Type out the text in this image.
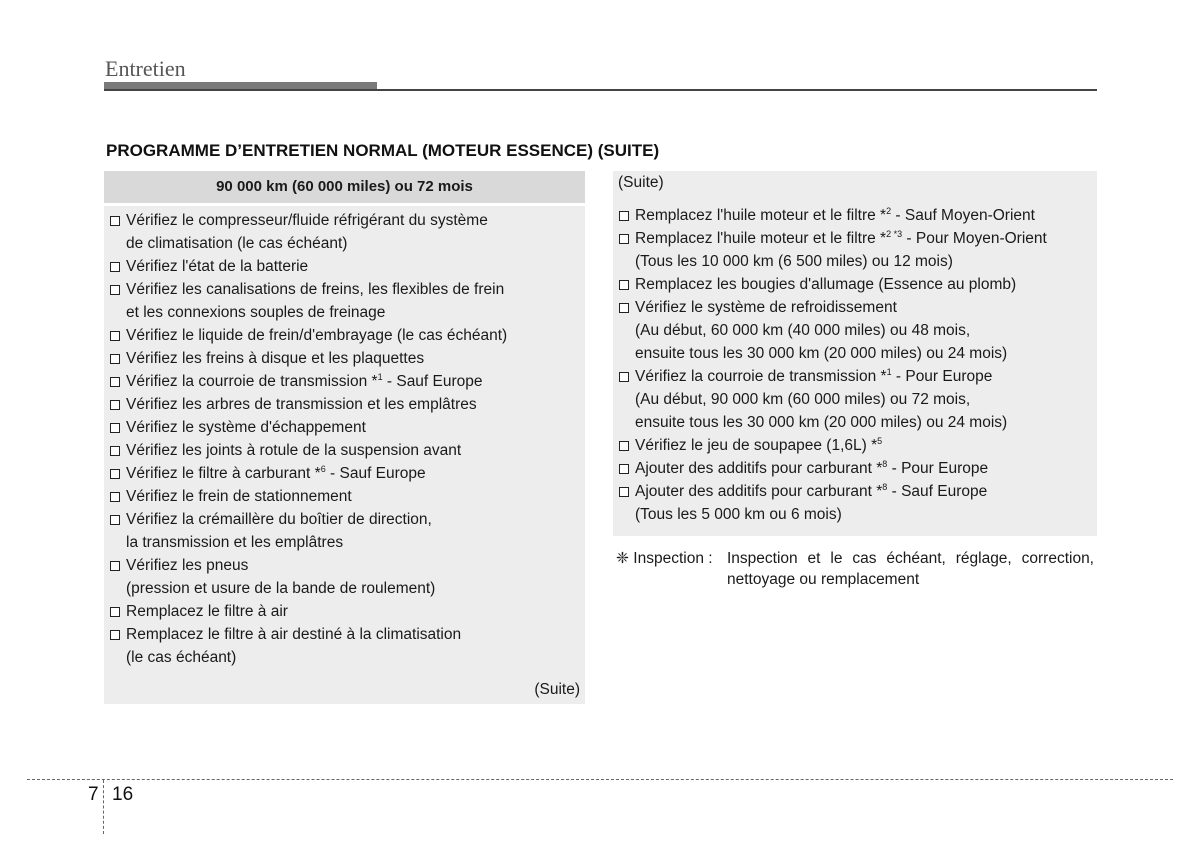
Entretien
PROGRAMME D’ENTRETIEN NORMAL (MOTEUR ESSENCE) (SUITE)
90 000 km (60 000 miles) ou 72 mois
Vérifiez le compresseur/fluide réfrigérant du système
de climatisation (le cas échéant)
Vérifiez l'état de la batterie
Vérifiez les canalisations de freins, les flexibles de frein
et les connexions souples de freinage
Vérifiez le liquide de frein/d'embrayage (le cas échéant)
Vérifiez les freins à disque et les plaquettes
Vérifiez la courroie de transmission *$^1$ - Sauf Europe
Vérifiez les arbres de transmission et les emplâtres
Vérifiez le système d'échappement
Vérifiez les joints à rotule de la suspension avant
Vérifiez le filtre à carburant *$^6$ - Sauf Europe
Vérifiez le frein de stationnement
Vérifiez la crémaillère du boîtier de direction,
la transmission et les emplâtres
Vérifiez les pneus
(pression et usure de la bande de roulement)
Remplacez le filtre à air
Remplacez le filtre à air destiné à la climatisation
(le cas échéant)
(Suite)
(Suite)
Remplacez l'huile moteur et le filtre *$^2$ - Sauf Moyen-Orient
Remplacez l'huile moteur et le filtre *$^{2 *3}$ - Pour Moyen-Orient
(Tous les 10 000 km (6 500 miles) ou 12 mois)
Remplacez les bougies d'allumage (Essence au plomb)
Vérifiez le système de refroidissement
(Au début, 60 000 km (40 000 miles) ou 48 mois,
ensuite tous les 30 000 km (20 000 miles) ou 24 mois)
Vérifiez la courroie de transmission *$^1$ - Pour Europe
(Au début, 90 000 km (60 000 miles) ou 72 mois,
ensuite tous les 30 000 km (20 000 miles) ou 24 mois)
Vérifiez le jeu de soupapee (1,6L) *$^5$
Ajouter des additifs pour carburant *$^8$ - Pour Europe
Ajouter des additifs pour carburant *$^8$ - Sauf Europe
(Tous les 5 000 km ou 6 mois)
❈ Inspection : Inspection et le cas échéant, réglage, correction, nettoyage ou remplacement
7 16
